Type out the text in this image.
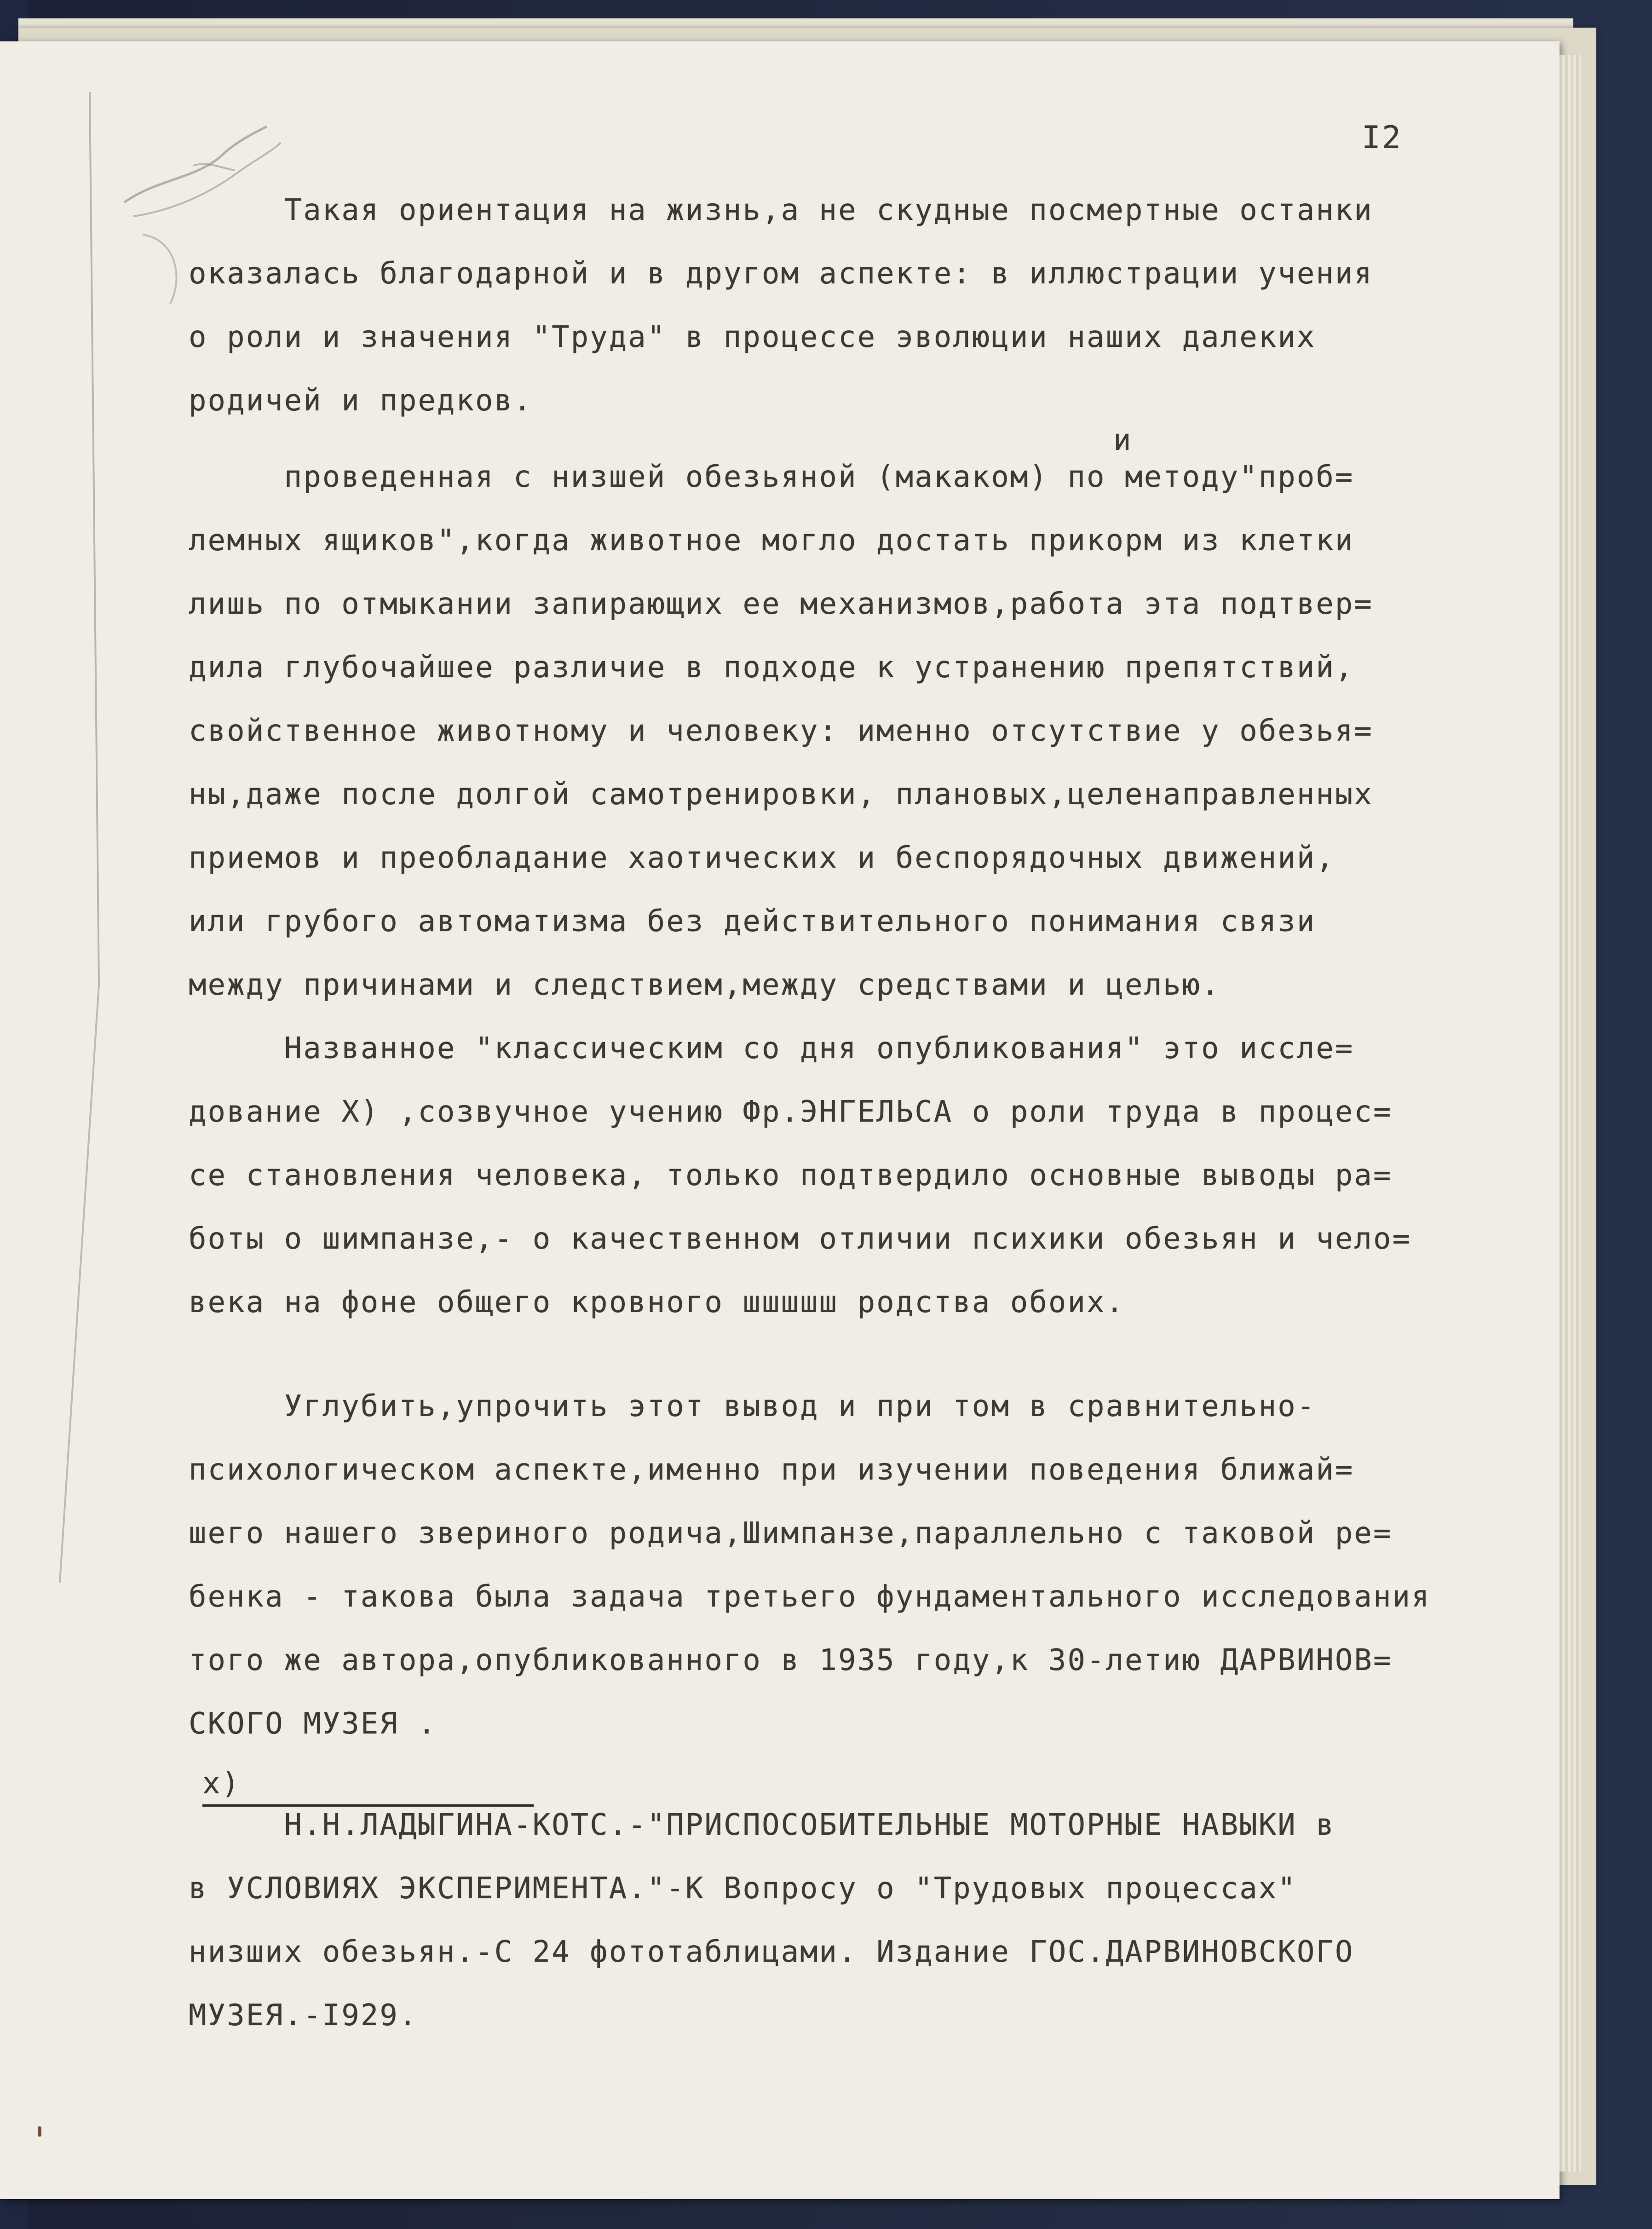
I2
Такая ориентация на жизнь,а не скудные посмертные останки
оказалась благодарной и в другом аспекте: в иллюстрации учения
о роли и значения "Труда" в процессе эволюции наших далеких
родичей и предков.
и
проведенная с низшей обезьяной (макаком) по методу"проб=
лемных ящиков",когда животное могло достать прикорм из клетки
лишь по отмыкании запирающих ее механизмов,работа эта подтвер=
дила глубочайшее различие в подходе к устранению препятствий,
свойственное животному и человеку: именно отсутствие у обезья=
ны,даже после долгой самотренировки, плановых,целенаправленных
приемов и преобладание хаотических и беспорядочных движений,
или грубого автоматизма без действительного понимания связи
между причинами и следствием,между средствами и целью.
Названное "классическим со дня опубликования" это иссле=
дование Х) ,созвучное учению Фр.ЭНГЕЛЬСА о роли труда в процес=
се становления человека, только подтвердило основные выводы ра=
боты о шимпанзе,- о качественном отличии психики обезьян и чело=
века на фоне общего кровного шшшшш родства обоих.
Углубить,упрочить этот вывод и при том в сравнительно-
психологическом аспекте,именно при изучении поведения ближай=
шего нашего звериного родича,Шимпанзе,параллельно с таковой ре=
бенка - такова была задача третьего фундаментального исследования
того же автора,опубликованного в 1935 году,к 30-летию ДАРВИНОВ=
СКОГО МУЗЕЯ .
х)
Н.Н.ЛАДЫГИНА-КОТС.-"ПРИСПОСОБИТЕЛЬНЫЕ МОТОРНЫЕ НАВЫКИ в
в УСЛОВИЯХ ЭКСПЕРИМЕНТА."-К Вопросу о "Трудовых процессах"
низших обезьян.-С 24 фототаблицами. Издание ГОС.ДАРВИНОВСКОГО
МУЗЕЯ.-I929.
